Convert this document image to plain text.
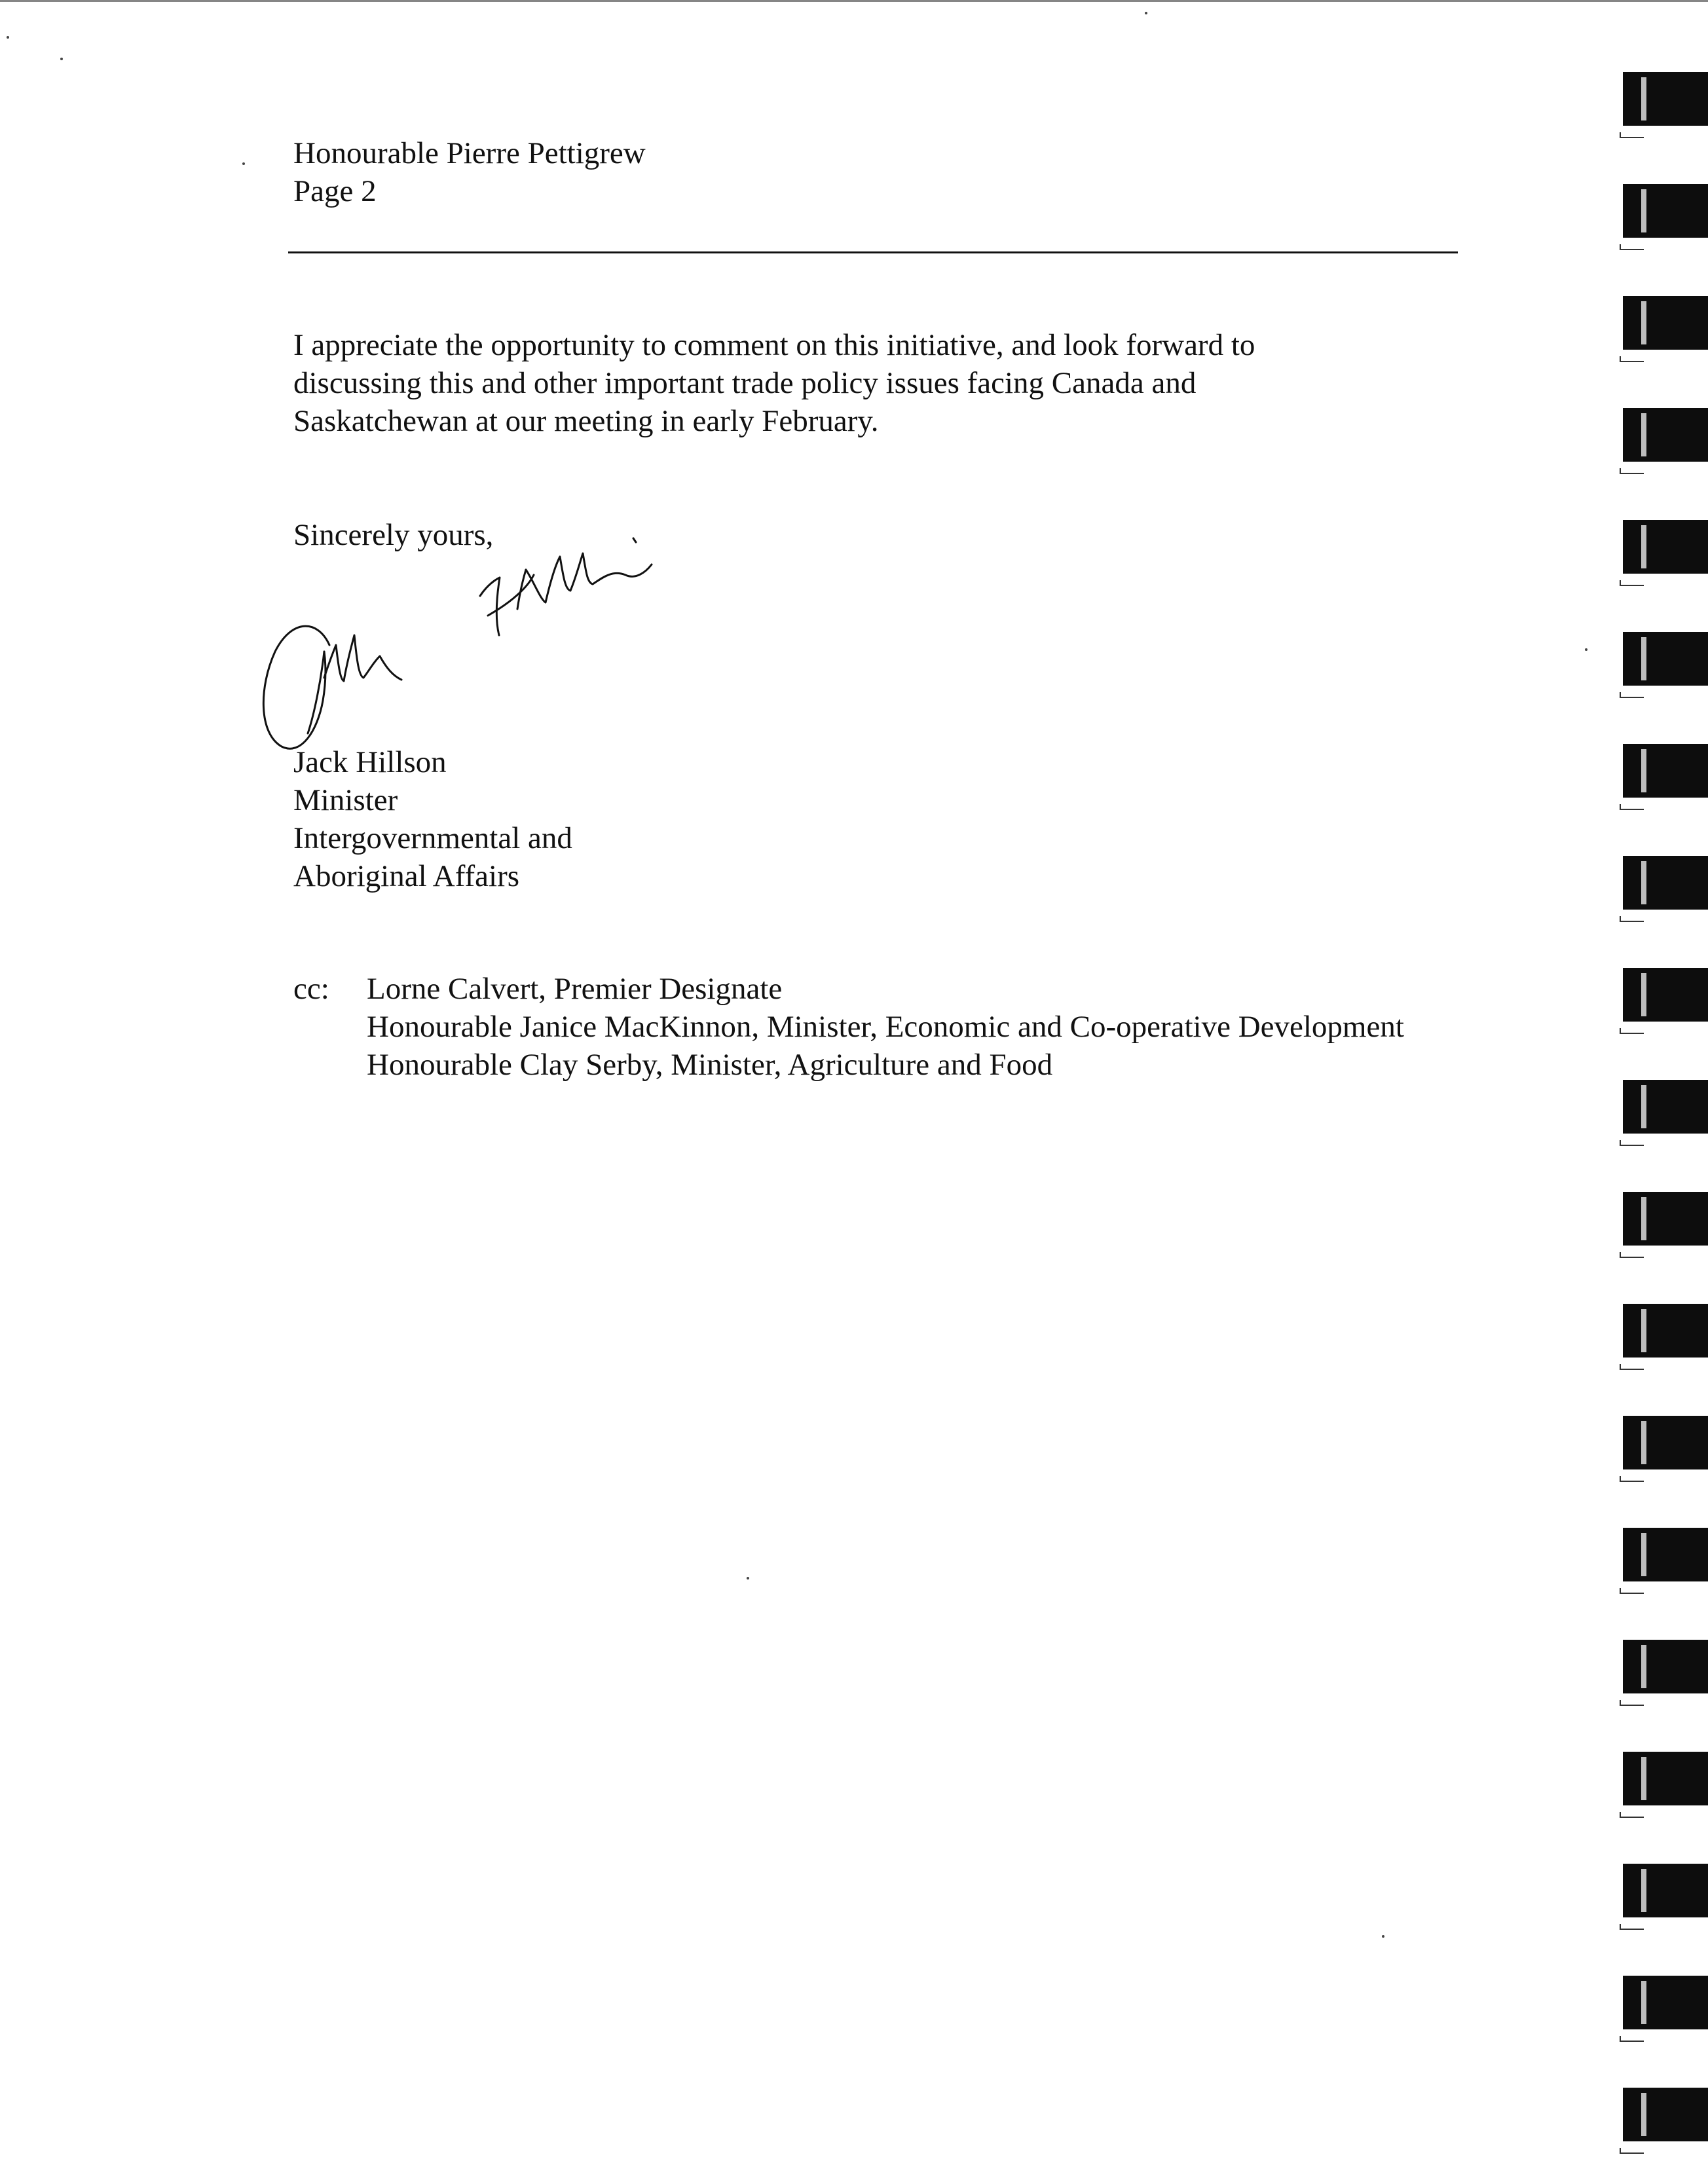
Honourable Pierre Pettigrew
Page 2
I appreciate the opportunity to comment on this initiative, and look forward to
discussing this and other important trade policy issues facing Canada and
Saskatchewan at our meeting in early February.
Sincerely yours,
Jack Hillson
Minister
Intergovernmental and
Aboriginal Affairs
cc: Lorne Calvert, Premier Designate
Honourable Janice MacKinnon, Minister, Economic and Co-operative Development
Honourable Clay Serby, Minister, Agriculture and Food
